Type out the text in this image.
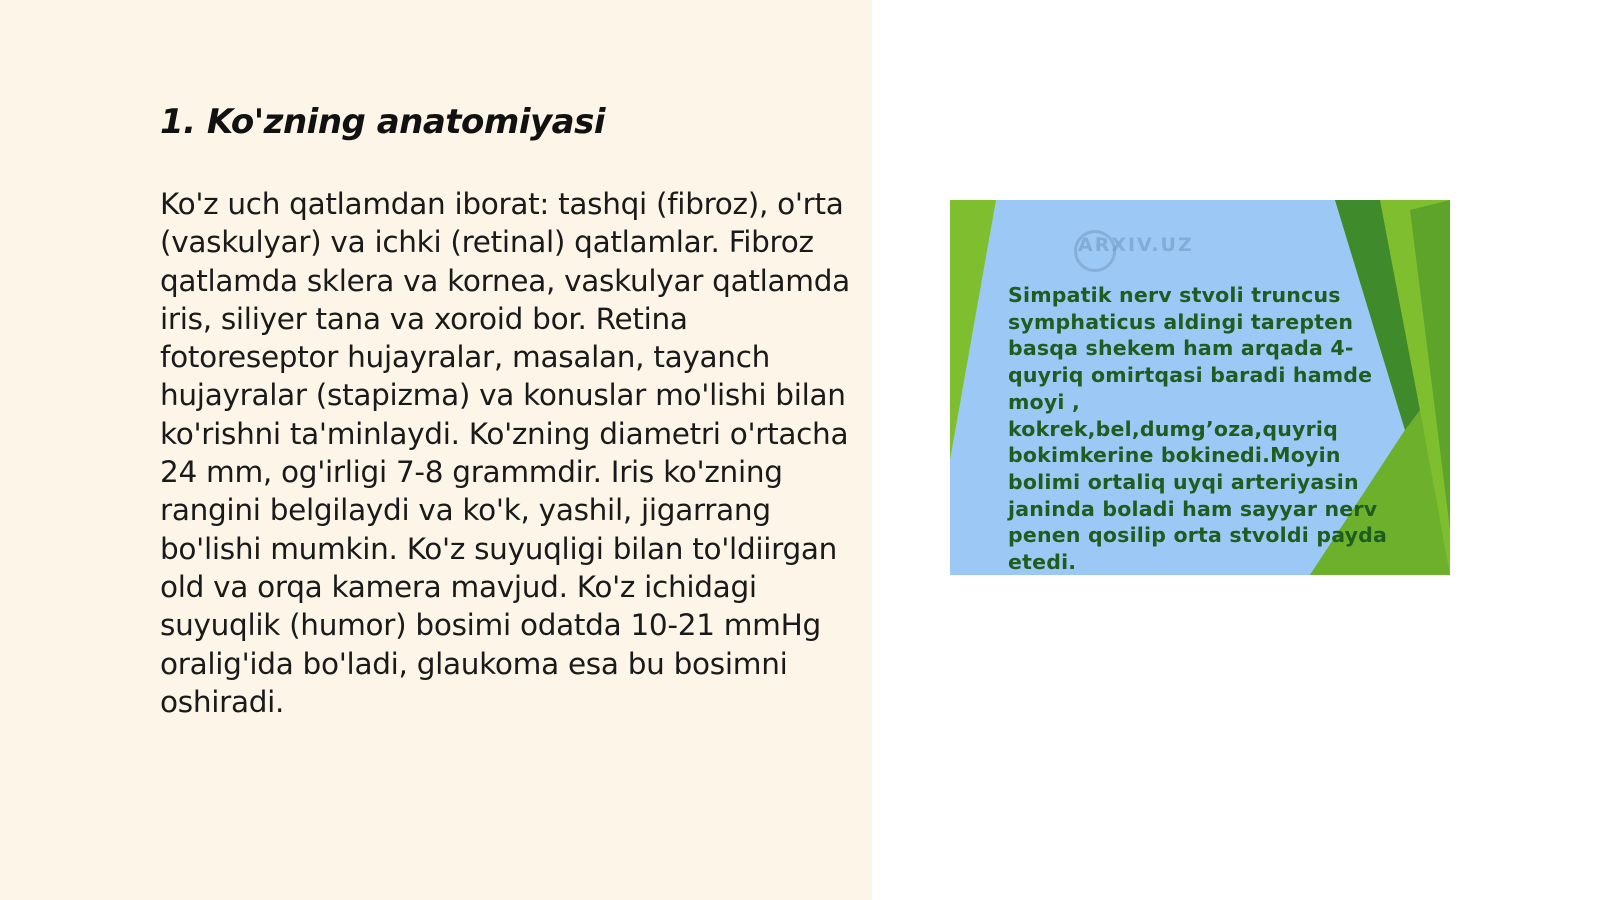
1. Ko'zning anatomiyasi

Ko'z uch qatlamdan iborat: tashqi (fibroz), o'rta (vaskulyar) va ichki (retinal) qatlamlar. Fibroz qatlamda sklera va kornea, vaskulyar qatlamda iris, siliyer tana va xoroid bor. Retina fotoreseptor hujayralar, masalan, tayanch hujayralar (stapizma) va konuslar mo'lishi bilan ko'rishni ta'minlaydi. Ko'zning diametri o'rtacha 24 mm, og'irligi 7-8 grammdir. Iris ko'zning rangini belgilaydi va ko'k, yashil, jigarrang bo'lishi mumkin. Ko'z suyuqligi bilan to'ldiirgan old va orqa kamera mavjud. Ko'z ichidagi suyuqlik (humor) bosimi odatda 10-21 mmHg oralig'ida bo'ladi, glaukoma esa bu bosimni oshiradi.

ARXIV.UZ

Simpatik nerv stvoli truncus symphaticus aldingi tarepten basqa shekem ham arqada 4-quyriq omirtqasi baradi hamde moyi , kokrek,bel,dumg’oza,quyriq bokimkerine bokinedi.Moyin bolimi ortaliq uyqi arteriyasin janinda boladi ham sayyar nerv penen qosilip orta stvoldi payda etedi.
